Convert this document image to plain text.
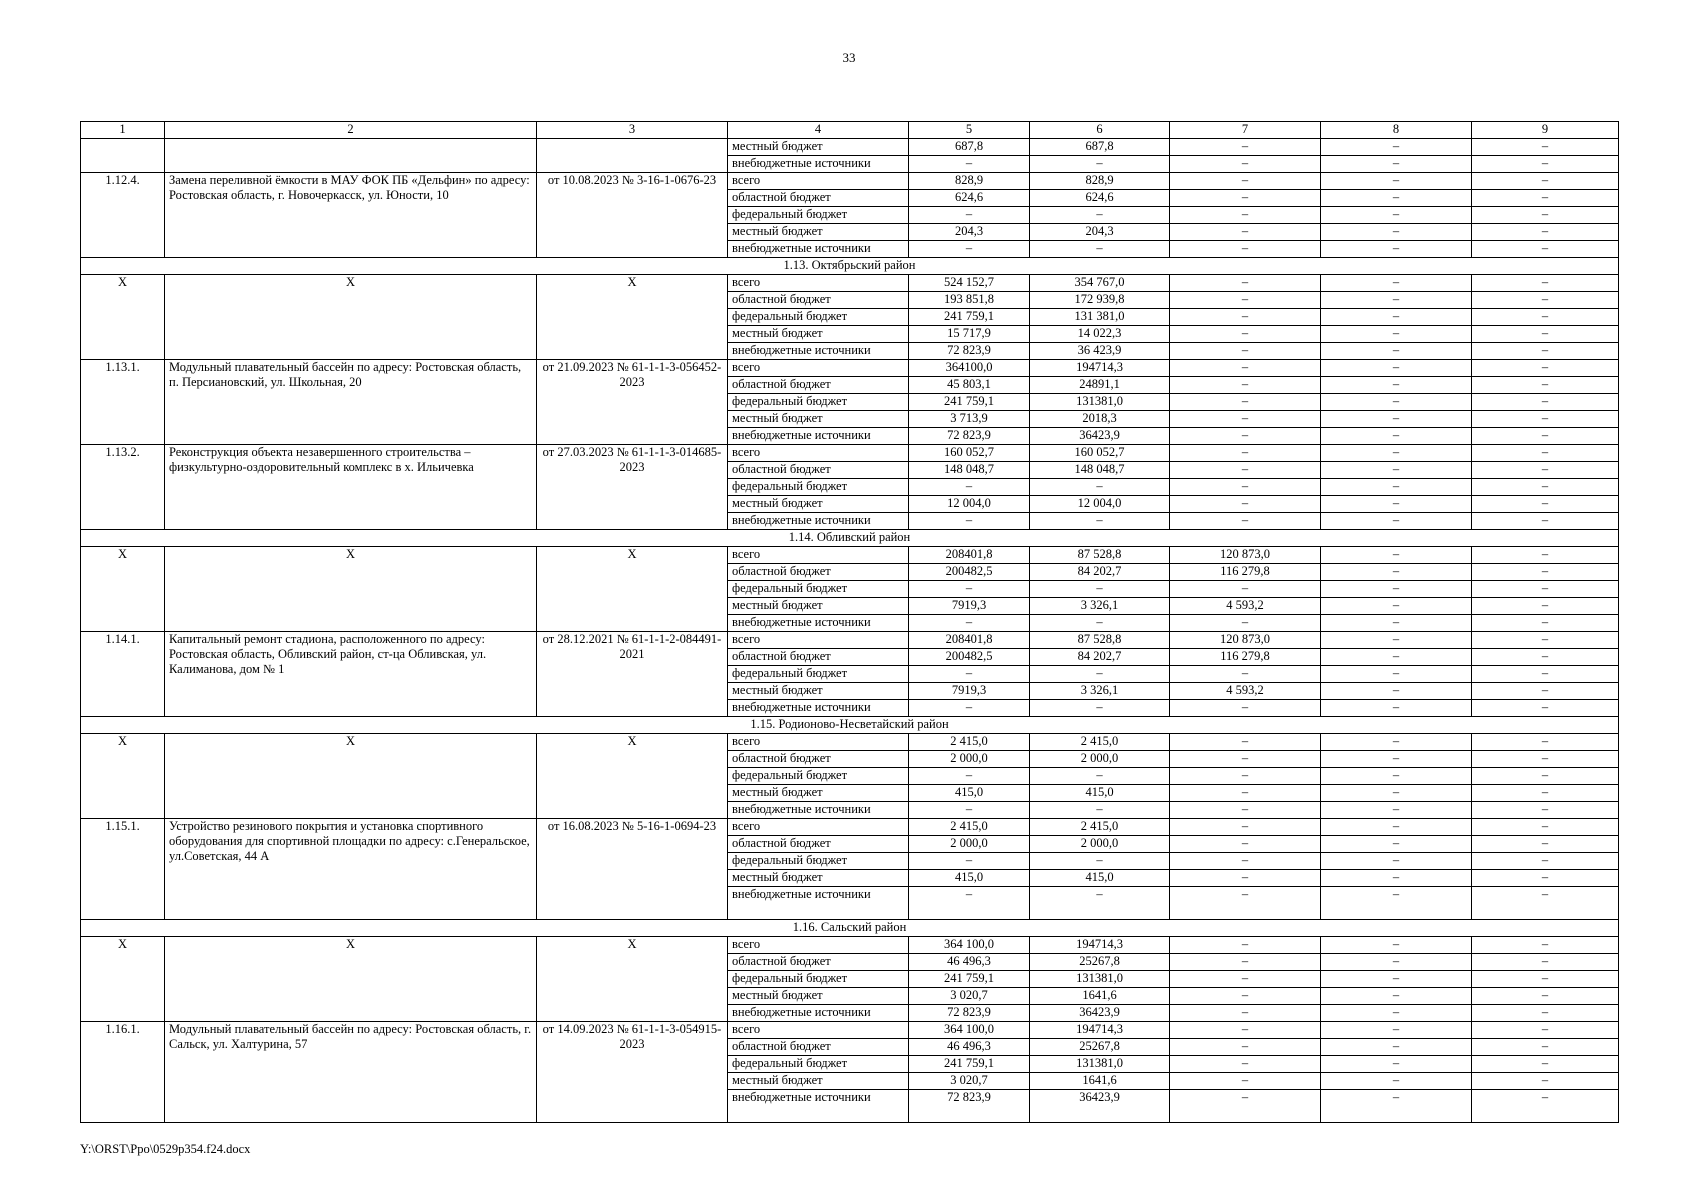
33
1	2	3	4	5	6	7	8	9
			местный бюджет	687,8	687,8	–	–	–
			внебюджетные источники	–	–	–	–	–
1.12.4.	Замена переливной ёмкости в МАУ ФОК ПБ «Дельфин» по адресу: Ростовская область, г. Новочеркасск, ул. Юности, 10	от 10.08.2023 № 3-16-1-0676-23	всего	828,9	828,9	–	–	–
			областной бюджет	624,6	624,6	–	–	–
			федеральный бюджет	–	–	–	–	–
			местный бюджет	204,3	204,3	–	–	–
			внебюджетные источники	–	–	–	–	–
1.13. Октябрьский район								
Х	Х	Х	всего	524 152,7	354 767,0	–	–	–
			областной бюджет	193 851,8	172 939,8	–	–	–
			федеральный бюджет	241 759,1	131 381,0	–	–	–
			местный бюджет	15 717,9	14 022,3	–	–	–
			внебюджетные источники	72 823,9	36 423,9	–	–	–
1.13.1.	Модульный плавательный бассейн по адресу: Ростовская область, п. Персиановский, ул. Школьная, 20	от 21.09.2023 № 61-1-1-3-056452-2023	всего	364100,0	194714,3	–	–	–
			областной бюджет	45 803,1	24891,1	–	–	–
			федеральный бюджет	241 759,1	131381,0	–	–	–
			местный бюджет	3 713,9	2018,3	–	–	–
			внебюджетные источники	72 823,9	36423,9	–	–	–
1.13.2.	Реконструкция объекта незавершенного строительства – физкультурно-оздоровительный комплекс в х. Ильичевка	от 27.03.2023 № 61-1-1-3-014685-2023	всего	160 052,7	160 052,7	–	–	–
			областной бюджет	148 048,7	148 048,7	–	–	–
			федеральный бюджет	–	–	–	–	–
			местный бюджет	12 004,0	12 004,0	–	–	–
			внебюджетные источники	–	–	–	–	–
1.14. Обливский район								
Х	Х	Х	всего	208401,8	87 528,8	120 873,0	–	–
			областной бюджет	200482,5	84 202,7	116 279,8	–	–
			федеральный бюджет	–	–	–	–	–
			местный бюджет	7919,3	3 326,1	4 593,2	–	–
			внебюджетные источники	–	–	–	–	–
1.14.1.	Капитальный ремонт стадиона, расположенного по адресу: Ростовская область, Обливский район, ст-ца Обливская, ул. Калиманова, дом № 1	от 28.12.2021 № 61-1-1-2-084491-2021	всего	208401,8	87 528,8	120 873,0	–	–
			областной бюджет	200482,5	84 202,7	116 279,8	–	–
			федеральный бюджет	–	–	–	–	–
			местный бюджет	7919,3	3 326,1	4 593,2	–	–
			внебюджетные источники	–	–	–	–	–
1.15. Родионово-Несветайский район								
Х	Х	Х	всего	2 415,0	2 415,0	–	–	–
			областной бюджет	2 000,0	2 000,0	–	–	–
			федеральный бюджет	–	–	–	–	–
			местный бюджет	415,0	415,0	–	–	–
			внебюджетные источники	–	–	–	–	–
1.15.1.	Устройство резинового покрытия и установка спортивного оборудования для спортивной площадки по адресу: с.Генеральское, ул.Советская, 44 А	от 16.08.2023 № 5-16-1-0694-23	всего	2 415,0	2 415,0	–	–	–
			областной бюджет	2 000,0	2 000,0	–	–	–
			федеральный бюджет	–	–	–	–	–
			местный бюджет	415,0	415,0	–	–	–
			внебюджетные источники	–	–	–	–	–
1.16. Сальский район								
Х	Х	Х	всего	364 100,0	194714,3	–	–	–
			областной бюджет	46 496,3	25267,8	–	–	–
			федеральный бюджет	241 759,1	131381,0	–	–	–
			местный бюджет	3 020,7	1641,6	–	–	–
			внебюджетные источники	72 823,9	36423,9	–	–	–
1.16.1.	Модульный плавательный бассейн по адресу: Ростовская область, г. Сальск, ул. Халтурина, 57	от 14.09.2023 № 61-1-1-3-054915-2023	всего	364 100,0	194714,3	–	–	–
			областной бюджет	46 496,3	25267,8	–	–	–
			федеральный бюджет	241 759,1	131381,0	–	–	–
			местный бюджет	3 020,7	1641,6	–	–	–
			внебюджетные источники	72 823,9	36423,9	–	–	–
Y:\ORST\Ppo\0529p354.f24.docx
